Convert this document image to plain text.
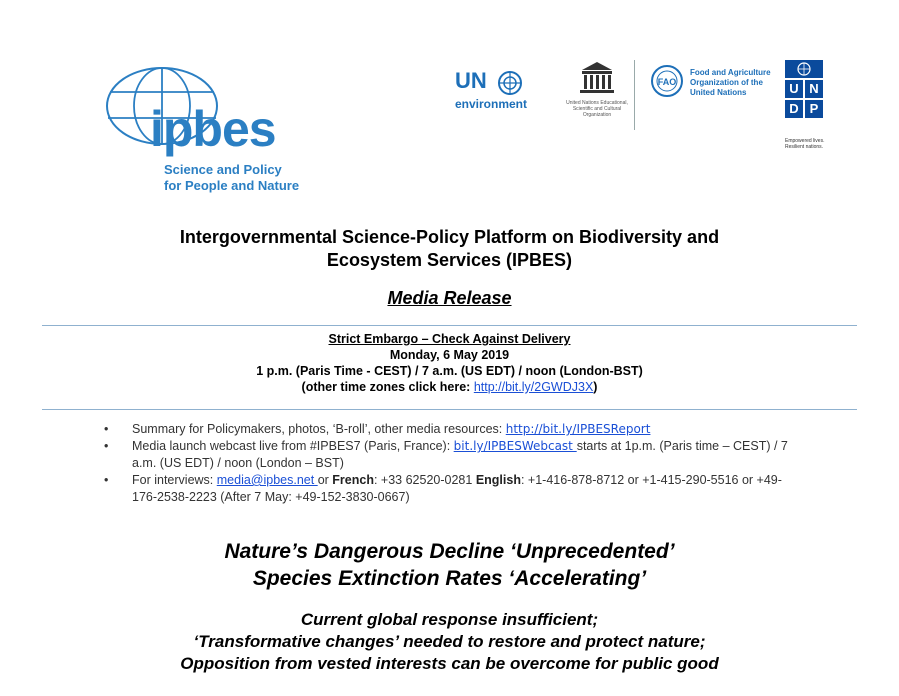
ipbes
Science and Policy
for People and Nature
UN
environment	United Nations Educational, Scientific and Cultural Organization
FAO
Food and Agriculture
Organization of the
United Nations	U N
D P
Empowered lives.
Resilient nations.
Intergovernmental Science-Policy Platform on Biodiversity and
Ecosystem Services (IPBES)
Media Release
Strict Embargo – Check Against Delivery
Monday, 6 May 2019
1 p.m. (Paris Time - CEST) / 7 a.m. (US EDT) / noon (London-BST)
(other time zones click here: http://bit.ly/2GWDJ3X)
• Summary for Policymakers, photos, ‘B-roll’, other media resources: http://bit.ly/IPBESReport
• Media launch webcast live from #IPBES7 (Paris, France): bit.ly/IPBESWebcast starts at 1p.m. (Paris time – CEST) / 7 a.m. (US EDT) / noon (London – BST)
• For interviews: media@ipbes.net or French: +33 62520-0281 English: +1-416-878-8712 or +1-415-290-5516 or +49- 176-2538-2223 (After 7 May: +49-152-3830-0667)
Nature’s Dangerous Decline ‘Unprecedented’
Species Extinction Rates ‘Accelerating’
Current global response insufficient;
‘Transformative changes’ needed to restore and protect nature;
Opposition from vested interests can be overcome for public good
